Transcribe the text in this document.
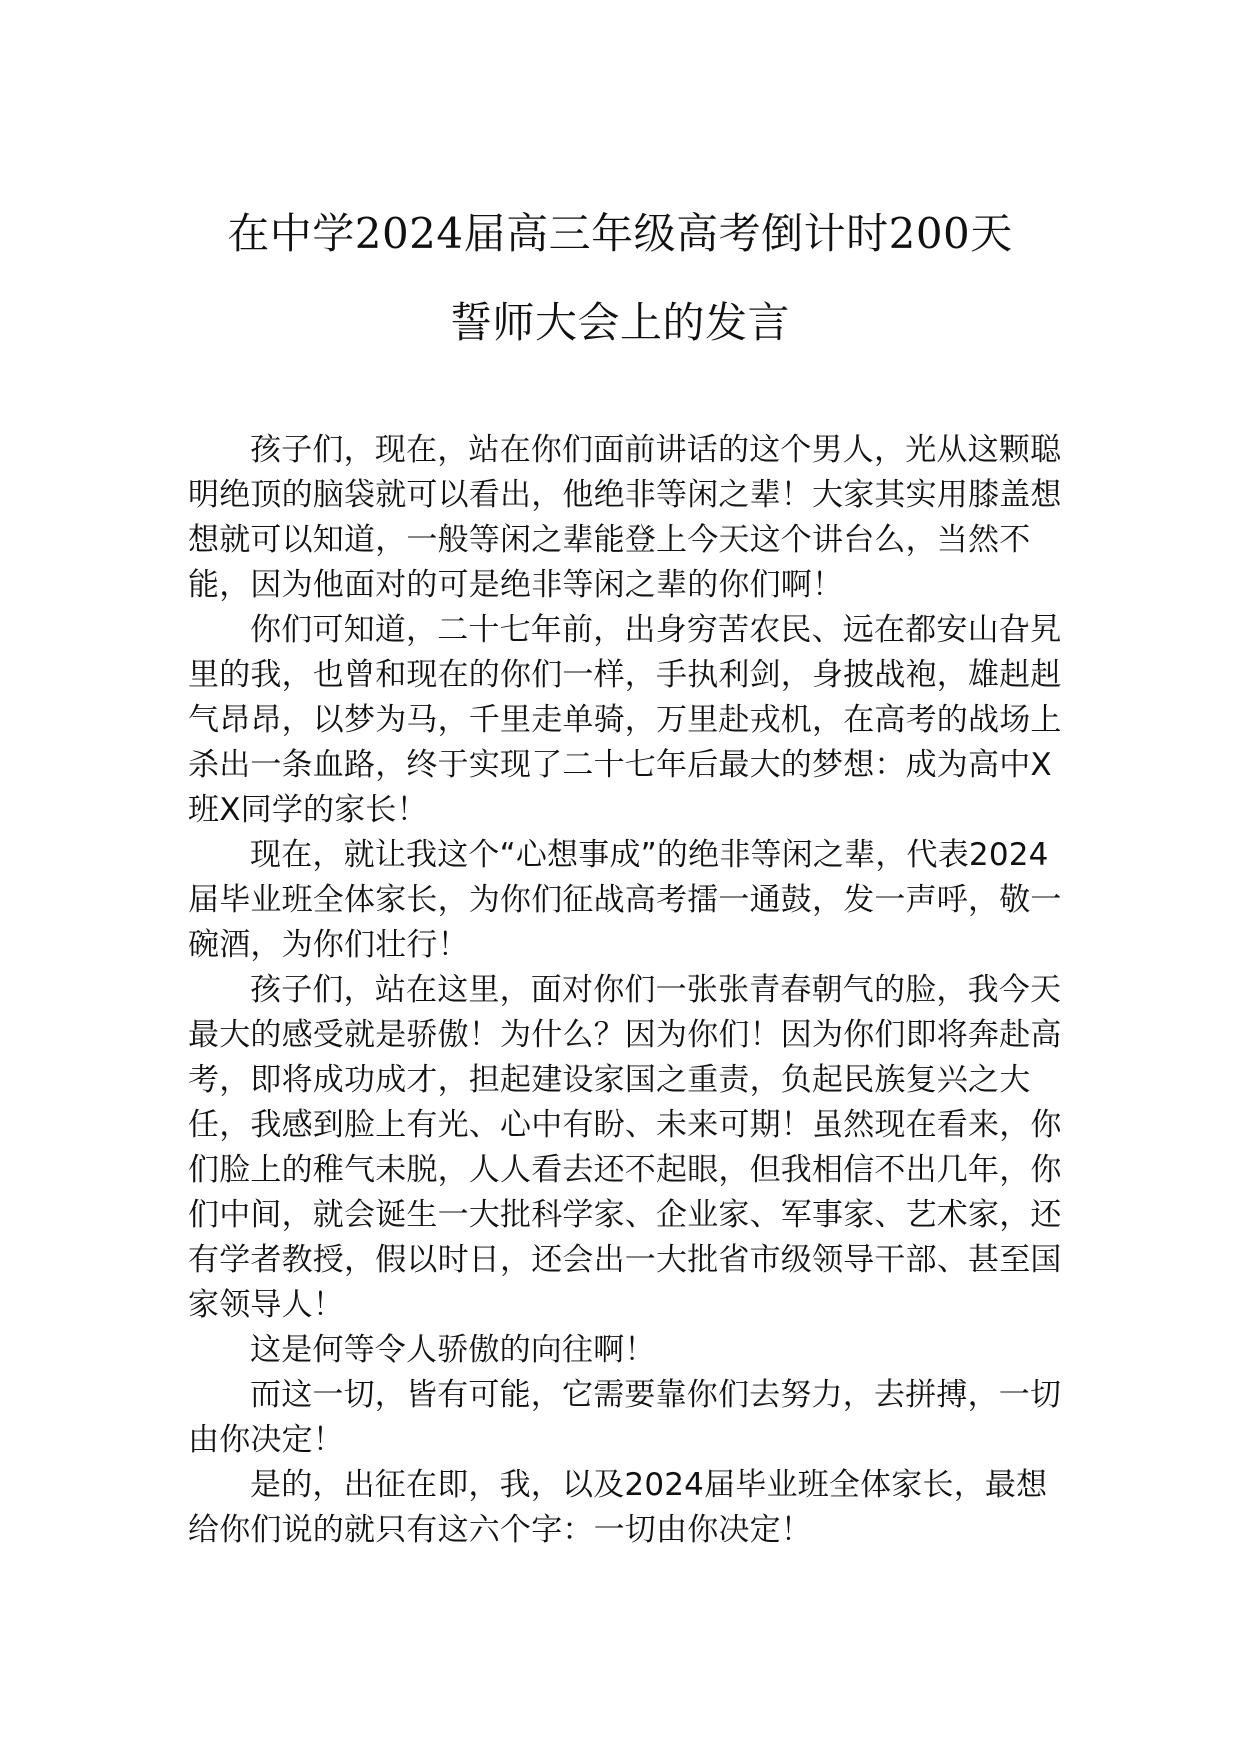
在中学2024届高三年级高考倒计时200天

誓师大会上的发言

孩子们，现在，站在你们面前讲话的这个男人，光从这颗聪明绝顶的脑袋就可以看出，他绝非等闲之辈！大家其实用膝盖想想就可以知道，一般等闲之辈能登上今天这个讲台么，当然不能，因为他面对的可是绝非等闲之辈的你们啊！

你们可知道，二十七年前，出身穷苦农民、远在都安山旮旯里的我，也曾和现在的你们一样，手执利剑，身披战袍，雄赳赳气昂昂，以梦为马，千里走单骑，万里赴戎机，在高考的战场上杀出一条血路，终于实现了二十七年后最大的梦想：成为高中X班X同学的家长！

现在，就让我这个“心想事成”的绝非等闲之辈，代表2024届毕业班全体家长，为你们征战高考擂一通鼓，发一声呼，敬一碗酒，为你们壮行！

孩子们，站在这里，面对你们一张张青春朝气的脸，我今天最大的感受就是骄傲！为什么？因为你们！因为你们即将奔赴高考，即将成功成才，担起建设家国之重责，负起民族复兴之大任，我感到脸上有光、心中有盼、未来可期！虽然现在看来，你们脸上的稚气未脱，人人看去还不起眼，但我相信不出几年，你们中间，就会诞生一大批科学家、企业家、军事家、艺术家，还有学者教授，假以时日，还会出一大批省市级领导干部、甚至国家领导人！

这是何等令人骄傲的向往啊！

而这一切，皆有可能，它需要靠你们去努力，去拼搏，一切由你决定！

是的，出征在即，我，以及2024届毕业班全体家长，最想给你们说的就只有这六个字：一切由你决定！
